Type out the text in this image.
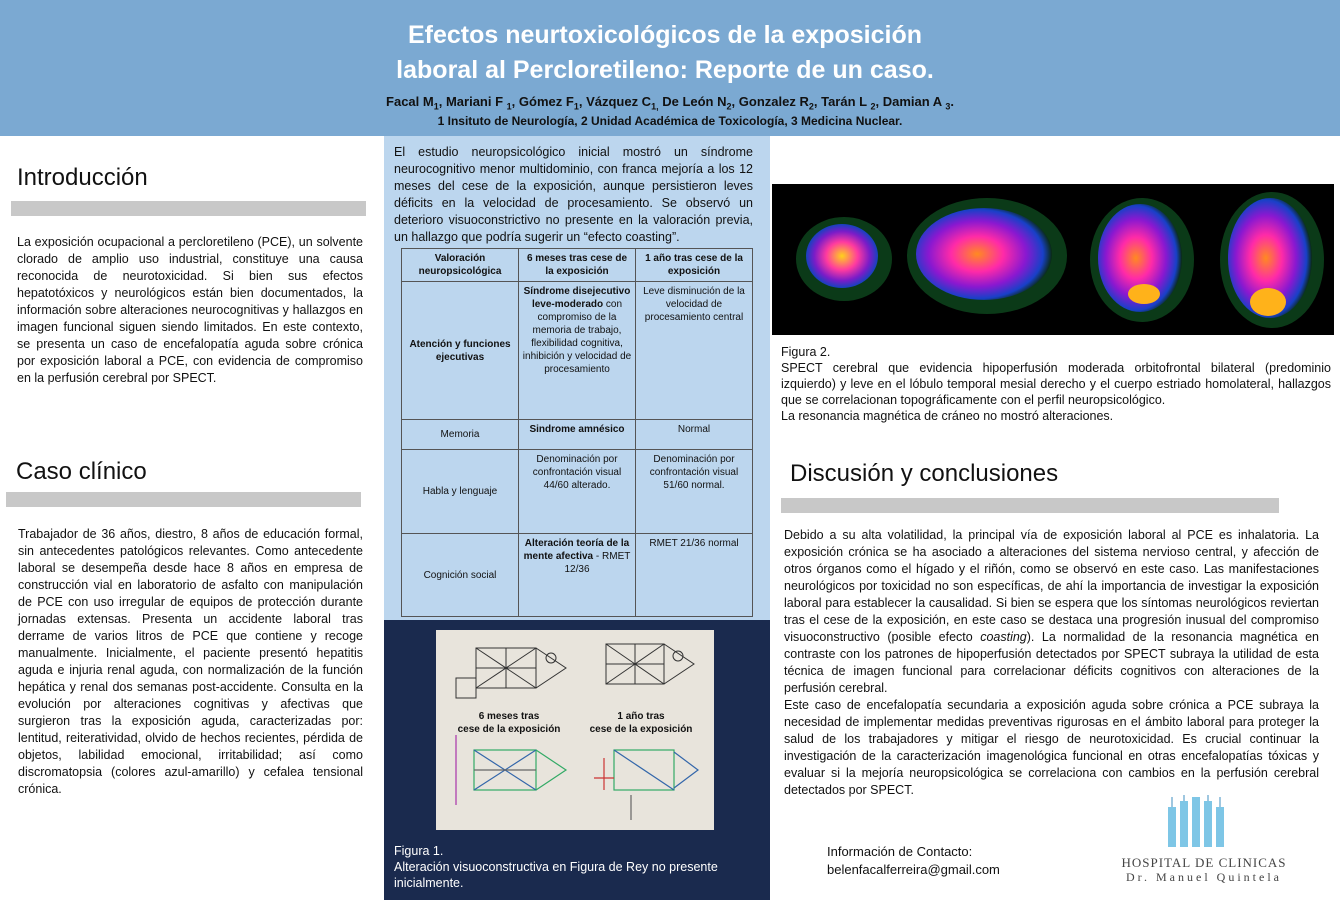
Efectos neurtoxicológicos de la exposición
laboral al Percloretileno: Reporte de un caso.
Facal $M_1$, Mariani F $_1$, Gómez $F_1$, Vázquez $C_{1,}$ De León $N_2$, Gonzalez $R_2$, Tarán L $_2$, Damian A $_3$.
1 Insituto de Neurología, 2 Unidad Académica de Toxicología, 3 Medicina Nuclear.
Introducción
La exposición ocupacional a percloretileno (PCE), un solvente clorado de amplio uso industrial, constituye una causa reconocida de neurotoxicidad. Si bien sus efectos hepatotóxicos y neurológicos están bien documentados, la información sobre alteraciones neurocognitivas y hallazgos en imagen funcional siguen siendo limitados. En este contexto, se presenta un caso de encefalopatía aguda sobre crónica por exposición laboral a PCE, con evidencia de compromiso en la perfusión cerebral por SPECT.
Caso clínico
Trabajador de 36 años, diestro, 8 años de educación formal, sin antecedentes patológicos relevantes. Como antecedente laboral se desempeña desde hace 8 años en empresa de construcción vial en laboratorio de asfalto con manipulación de PCE con uso irregular de equipos de protección durante jornadas extensas. Presenta un accidente laboral tras derrame de varios litros de PCE que contiene y recoge manualmente. Inicialmente, el paciente presentó hepatitis aguda e injuria renal aguda, con normalización de la función hepática y renal dos semanas post-accidente. Consulta en la evolución por alteraciones cognitivas y afectivas que surgieron tras la exposición aguda, caracterizadas por: lentitud, reiteratividad, olvido de hechos recientes, pérdida de objetos, labilidad emocional, irritabilidad; así como discromatopsia (colores azul-amarillo) y cefalea tensional crónica.
El estudio neuropsicológico inicial mostró un síndrome neurocognitivo menor multidominio, con franca mejoría a los 12 meses del cese de la exposición, aunque persistieron leves déficits en la velocidad de procesamiento. Se observó un deterioro visuoconstrictivo no presente en la valoración previa, un hallazgo que podría sugerir un “efecto coasting”.
Valoración neuropsicológica	6 meses tras cese de la exposición	1 año tras cese de la exposición
Atención y funciones ejecutivas	Síndrome disejecutivo leve-moderado con compromiso de la memoria de trabajo, flexibilidad cognitiva, inhibición y velocidad de procesamiento	Leve disminución de la velocidad de procesamiento central
Memoria	Sindrome amnésico	Normal
Habla y lenguaje	Denominación por confrontación visual 44/60 alterado.	Denominación por confrontación visual 51/60 normal.
Cognición social	Alteración teoría de la mente afectiva - RMET 12/36	RMET 21/36 normal
6 meses tras
cese de la exposición
1 año tras
cese de la exposición
Figura 1.
Alteración visuoconstructiva en Figura de Rey no presente inicialmente.
Figura 2.
SPECT cerebral que evidencia hipoperfusión moderada orbitofrontal bilateral (predominio izquierdo) y leve en el lóbulo temporal mesial derecho y el cuerpo estriado homolateral, hallazgos que se correlacionan topográficamente con el perfil neuropsicológico.
La resonancia magnética de cráneo no mostró alteraciones.
Discusión y conclusiones
Debido a su alta volatilidad, la principal vía de exposición laboral al PCE es inhalatoria. La exposición crónica se ha asociado a alteraciones del sistema nervioso central, y afección de otros órganos como el hígado y el riñón, como se observó en este caso. Las manifestaciones neurológicos por toxicidad no son específicas, de ahí la importancia de investigar la exposición laboral para establecer la causalidad. Si bien se espera que los síntomas neurológicos reviertan tras el cese de la exposición, en este caso se destaca una progresión inusual del compromiso visuoconstructivo (posible efecto coasting). La normalidad de la resonancia magnética en contraste con los patrones de hipoperfusión detectados por SPECT subraya la utilidad de esta técnica de imagen funcional para correlacionar déficits cognitivos con alteraciones de la perfusión cerebral.
Este caso de encefalopatía secundaria a exposición aguda sobre crónica a PCE subraya la necesidad de implementar medidas preventivas rigurosas en el ámbito laboral para proteger la salud de los trabajadores y mitigar el riesgo de neurotoxicidad. Es crucial continuar la investigación de la caracterización imagenológica funcional en otras encefalopatías tóxicas y evaluar si la mejoría neuropsicológica se correlaciona con cambios en la perfusión cerebral detectados por SPECT.
Información de Contacto:
belenfacalferreira@gmail.com	HOSPITAL DE CLINICAS
Dr. Manuel Quintela
